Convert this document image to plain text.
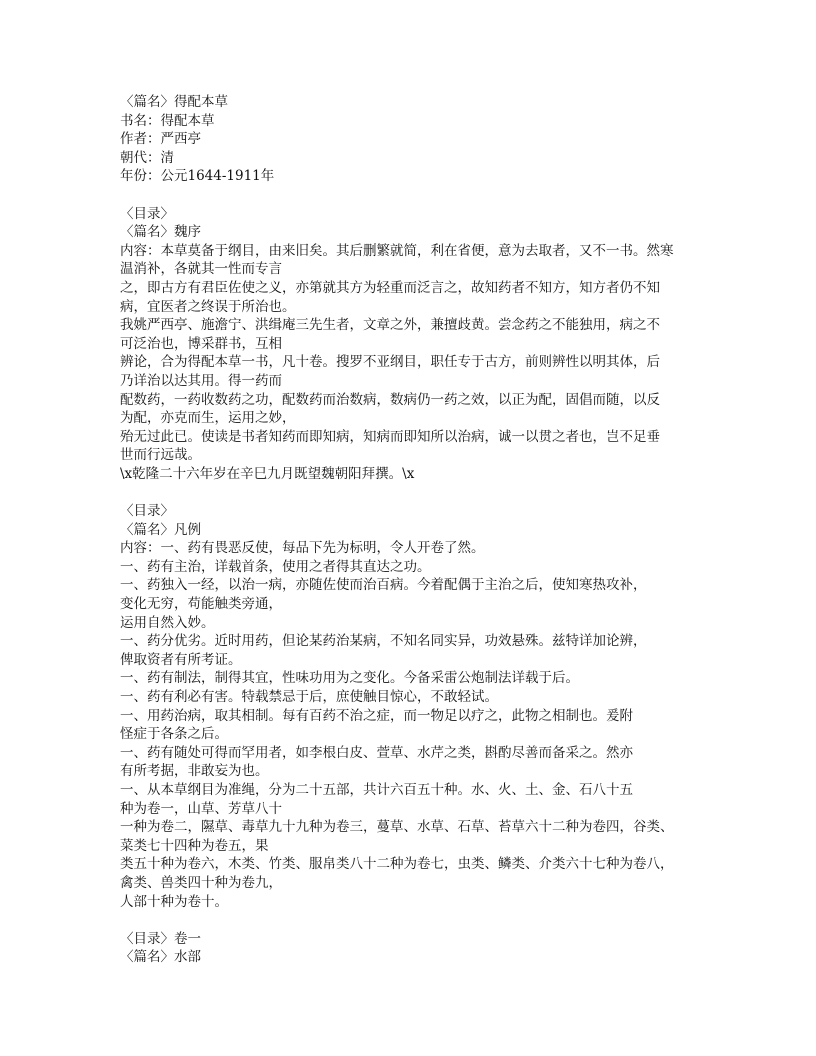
〈篇名〉得配本草
书名：得配本草
作者：严西亭
朝代：清
年份：公元1644-1911年
〈目录〉
〈篇名〉魏序
内容：本草莫备于纲目，由来旧矣。其后删繁就简，利在省便，意为去取者，又不一书。然寒
温消补，各就其一性而专言
之，即古方有君臣佐使之义，亦第就其方为轻重而泛言之，故知药者不知方，知方者仍不知
病，宜医者之终误于所治也。
我姚严西亭、施澹宁、洪缉庵三先生者，文章之外，兼擅歧黄。尝念药之不能独用，病之不
可泛治也，博采群书，互相
辨论，合为得配本草一书，凡十卷。搜罗不亚纲目，职任专于古方，前则辨性以明其体，后
乃详治以达其用。得一药而
配数药，一药收数药之功，配数药而治数病，数病仍一药之效，以正为配，固倡而随，以反
为配，亦克而生，运用之妙，
殆无过此已。使读是书者知药而即知病，知病而即知所以治病，诚一以贯之者也，岂不足垂
世而行远哉。
\x乾隆二十六年岁在辛巳九月既望魏朝阳拜撰。\x
〈目录〉
〈篇名〉凡例
内容：一、药有畏恶反使，每品下先为标明，令人开卷了然。
一、药有主治，详载首条，使用之者得其直达之功。
一、药独入一经，以治一病，亦随佐使而治百病。今着配偶于主治之后，使知寒热攻补，
变化无穷，苟能触类旁通，
运用自然入妙。
一、药分优劣。近时用药，但论某药治某病，不知名同实异，功效悬殊。兹特详加论辨，
俾取资者有所考证。
一、药有制法，制得其宜，性味功用为之变化。今备采雷公炮制法详载于后。
一、药有利必有害。特载禁忌于后，庶使触目惊心，不敢轻试。
一、用药治病，取其相制。每有百药不治之症，而一物足以疗之，此物之相制也。爰附
怪症于各条之后。
一、药有随处可得而罕用者，如李根白皮、萱草、水芹之类，斟酌尽善而备采之。然亦
有所考据，非敢妄为也。
一、从本草纲目为准绳，分为二十五部，共计六百五十种。水、火、土、金、石八十五
种为卷一，山草、芳草八十
一种为卷二，隰草、毒草九十九种为卷三，蔓草、水草、石草、苔草六十二种为卷四，谷类、
菜类七十四种为卷五，果
类五十种为卷六，木类、竹类、服帛类八十二种为卷七，虫类、鳞类、介类六十七种为卷八，
禽类、兽类四十种为卷九，
人部十种为卷十。
〈目录〉卷一
〈篇名〉水部
